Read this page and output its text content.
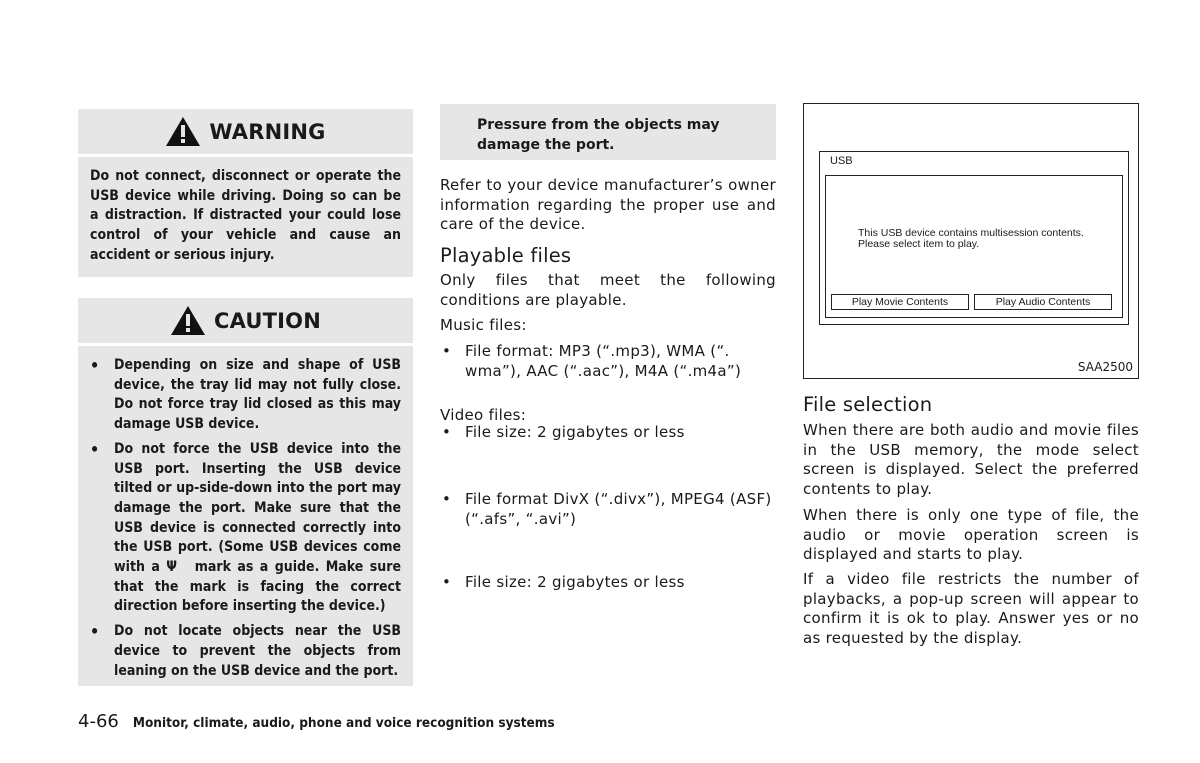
WARNING
Do not connect, disconnect or operate the USB device while driving. Doing so can be a distraction. If distracted your could lose control of your vehicle and cause an accident or serious injury.
CAUTION
• Depending on size and shape of USB device, the tray lid may not fully close. Do not force tray lid closed as this may damage USB device.
• Do not force the USB device into the USB port. Inserting the USB device tilted or up-side-down into the port may damage the port. Make sure that the USB device is connected correctly into the USB port. (Some USB devices come with a Ψ mark as a guide. Make sure that the mark is facing the correct direction before inserting the device.)
• Do not locate objects near the USB device to prevent the objects from leaning on the USB device and the port.
Pressure from the objects may damage the port.
Refer to your device manufacturer’s owner information regarding the proper use and care of the device.
Playable files
Only files that meet the following conditions are playable.
Music files:
• File format: MP3 (“.mp3), WMA (“. wma”), AAC (“.aac”), M4A (“.m4a”)
• File size: 2 gigabytes or less
Video files:
• File format DivX (“.divx”), MPEG4 (ASF) (“.afs”, “.avi”)
• File size: 2 gigabytes or less
USB
This USB device contains multisession contents.
Please select item to play.
Play Movie Contents	Play Audio Contents
SAA2500
File selection
When there are both audio and movie files in the USB memory, the mode select screen is displayed. Select the preferred contents to play.
When there is only one type of file, the audio or movie operation screen is displayed and starts to play.
If a video file restricts the number of playbacks, a pop-up screen will appear to confirm it is ok to play. Answer yes or no as requested by the display.
4-66 Monitor, climate, audio, phone and voice recognition systems
